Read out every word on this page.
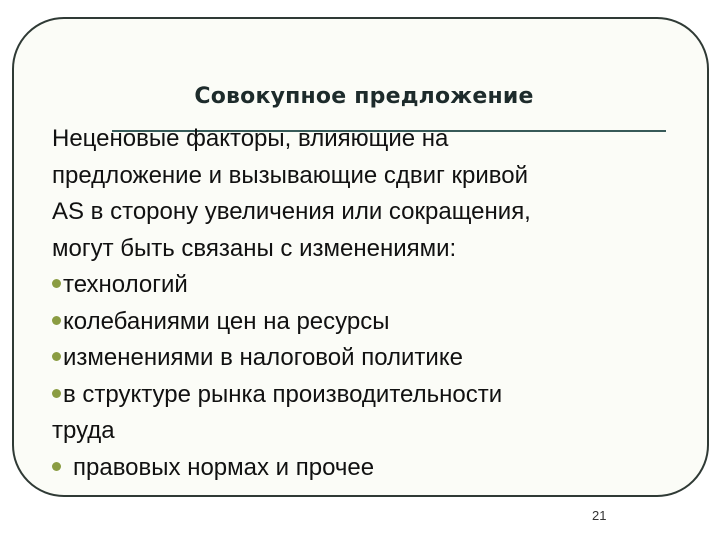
Совокупное предложение
Неценовые факторы, влияющие на
предложение и вызывающие сдвиг кривой
AS в сторону увеличения или сокращения,
могут быть связаны с изменениями:
технологий
колебаниями цен на ресурсы
изменениями в налоговой политике
в структуре рынка производительности
труда
правовых нормах и прочее
21
